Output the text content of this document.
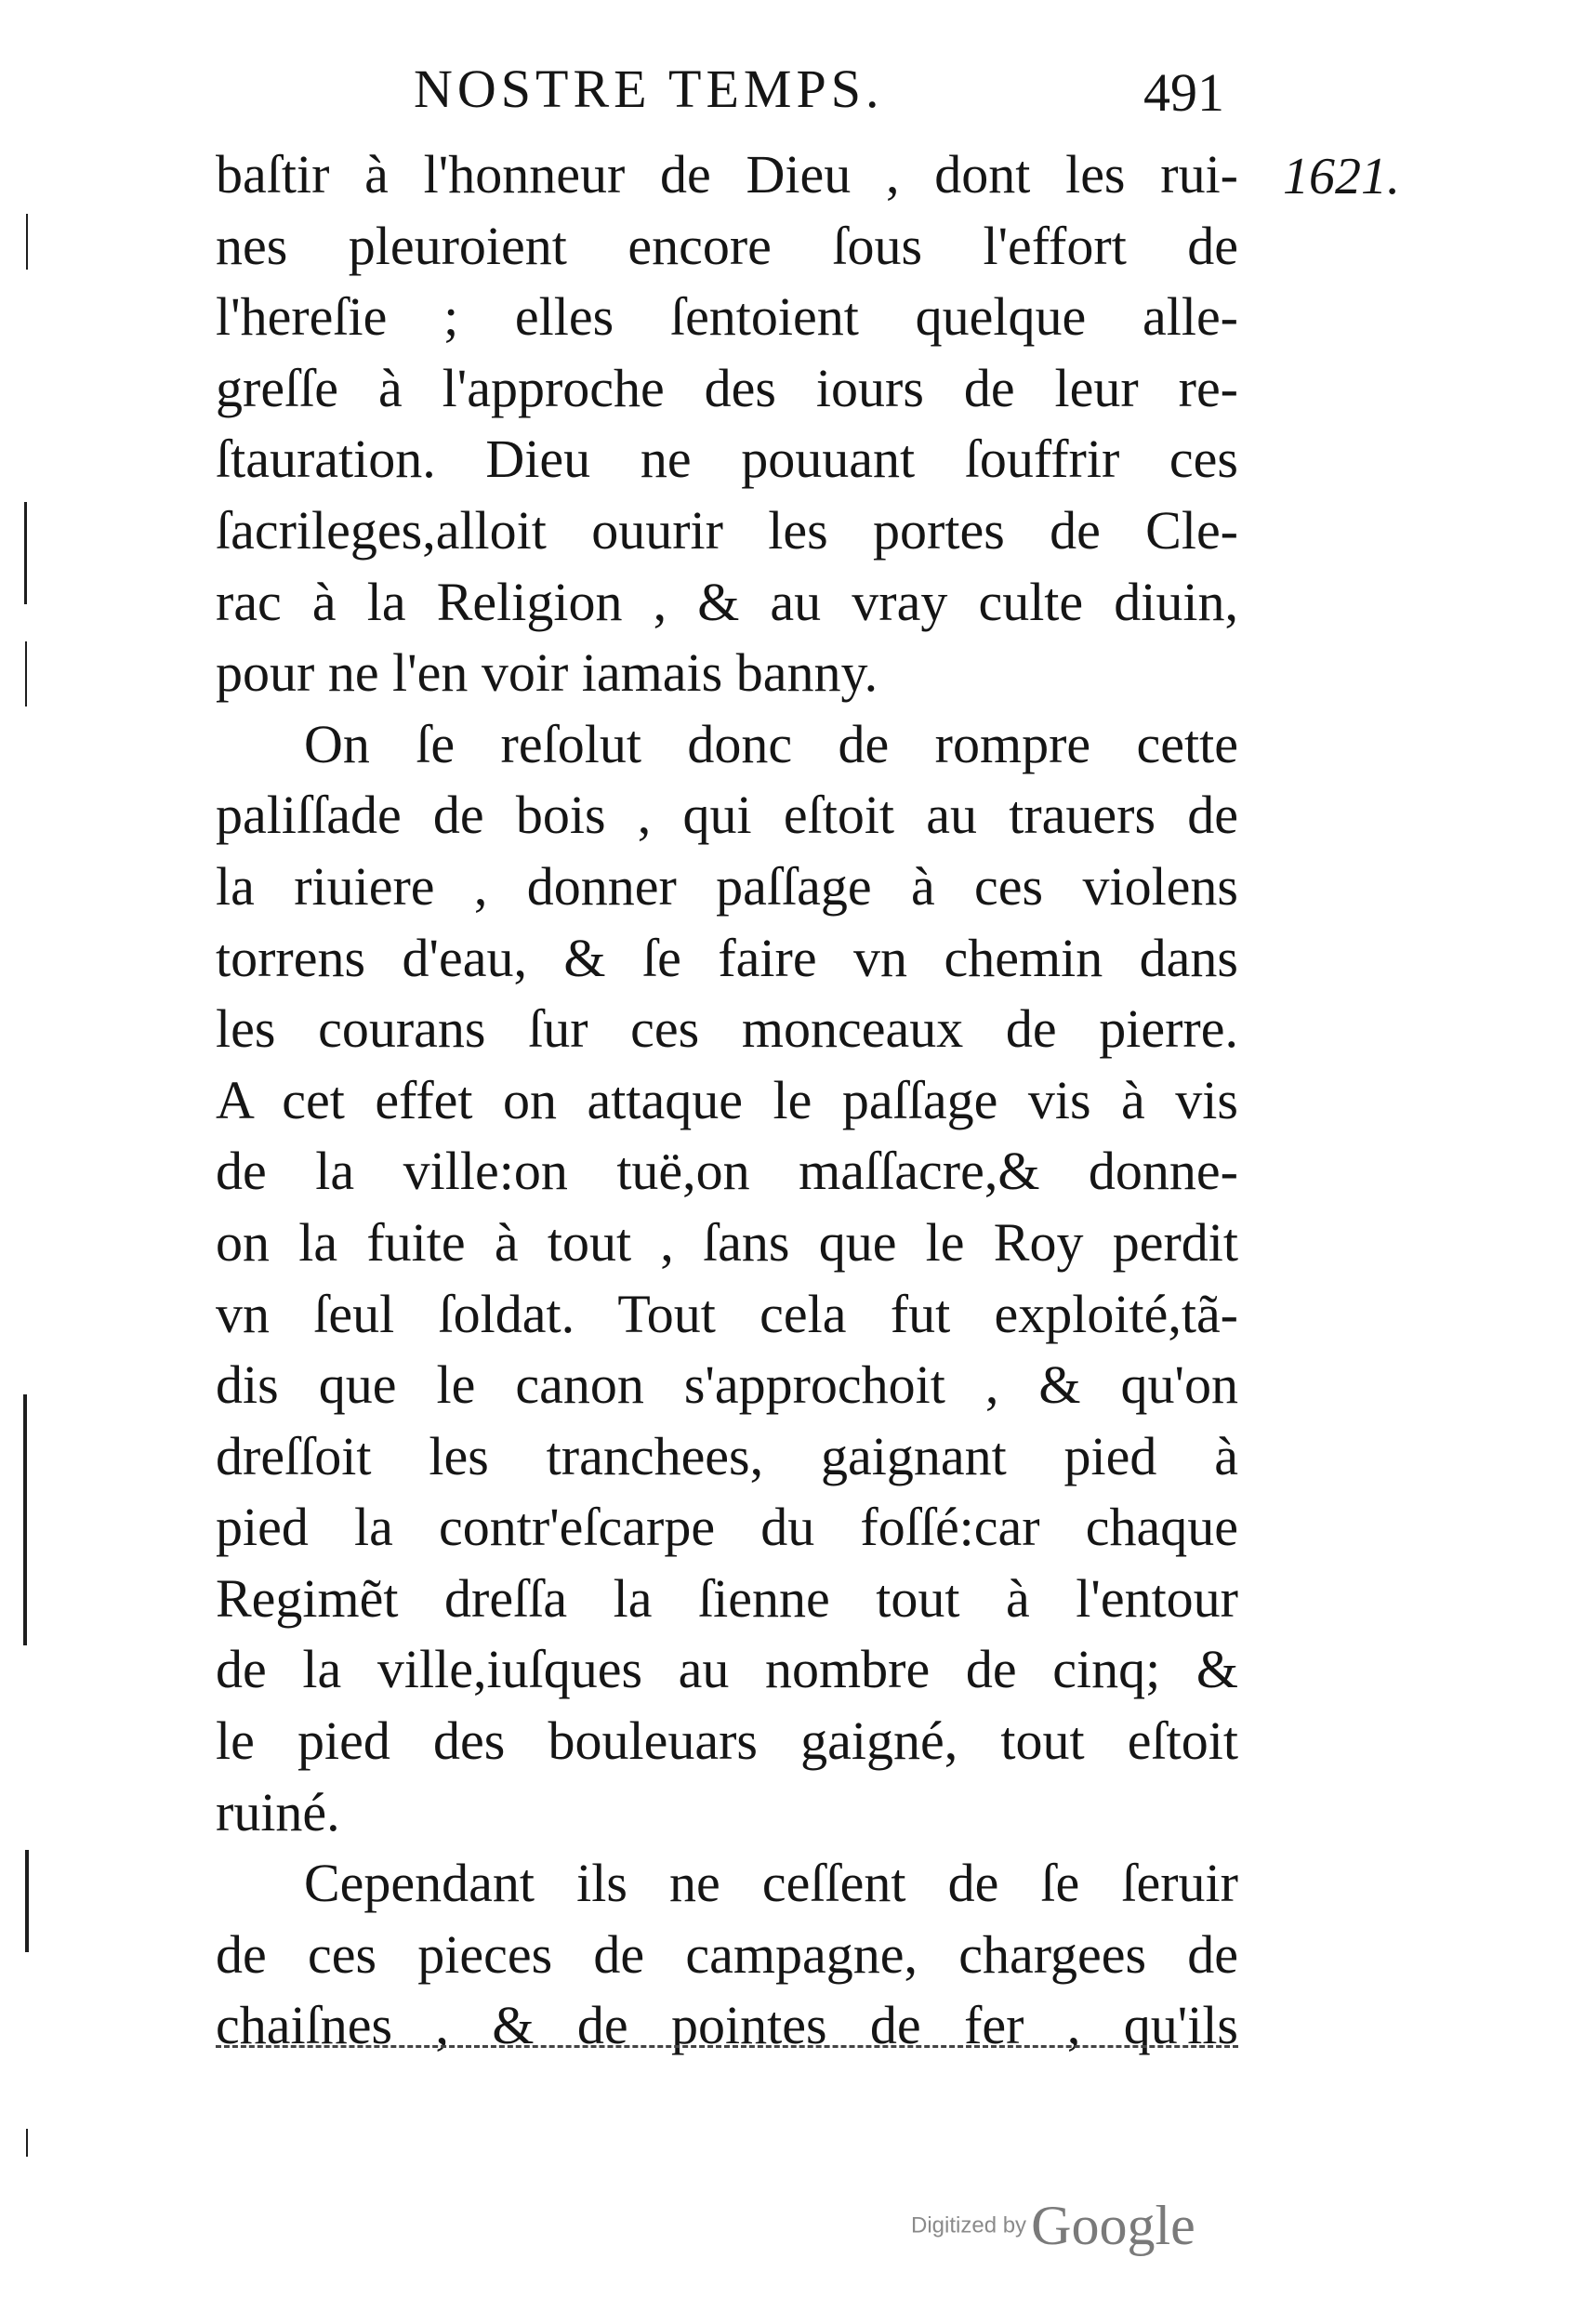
NOSTRE TEMPS.	491
1621.
baſtir à l'honneur de Dieu , dont les rui-
nes pleuroient encore ſous l'effort de
l'hereſie ; elles ſentoient quelque alle-
greſſe à l'approche des iours de leur re-
ſtauration. Dieu ne pouuant ſouffrir ces
ſacrileges,alloit ouurir les portes de Cle-
rac à la Religion , & au vray culte diuin,
pour ne l'en voir iamais banny.
On ſe reſolut donc de rompre cette
paliſſade de bois , qui eſtoit au trauers de
la riuiere , donner paſſage à ces violens
torrens d'eau, & ſe faire vn chemin dans
les courans ſur ces monceaux de pierre.
A cet effet on attaque le paſſage vis à vis
de la ville:on tuë,on maſſacre,& donne-
on la fuite à tout , ſans que le Roy perdit
vn ſeul ſoldat. Tout cela fut exploité,tã-
dis que le canon s'approchoit , & qu'on
dreſſoit les tranchees, gaignant pied à
pied la contr'eſcarpe du foſſé:car chaque
Regimẽt dreſſa la ſienne tout à l'entour
de la ville,iuſques au nombre de cinq; &
le pied des bouleuars gaigné, tout eſtoit
ruiné.
Cependant ils ne ceſſent de ſe ſeruir
de ces pieces de campagne, chargees de
chaiſnes , & de pointes de fer , qu'ils
Digitized by Google
